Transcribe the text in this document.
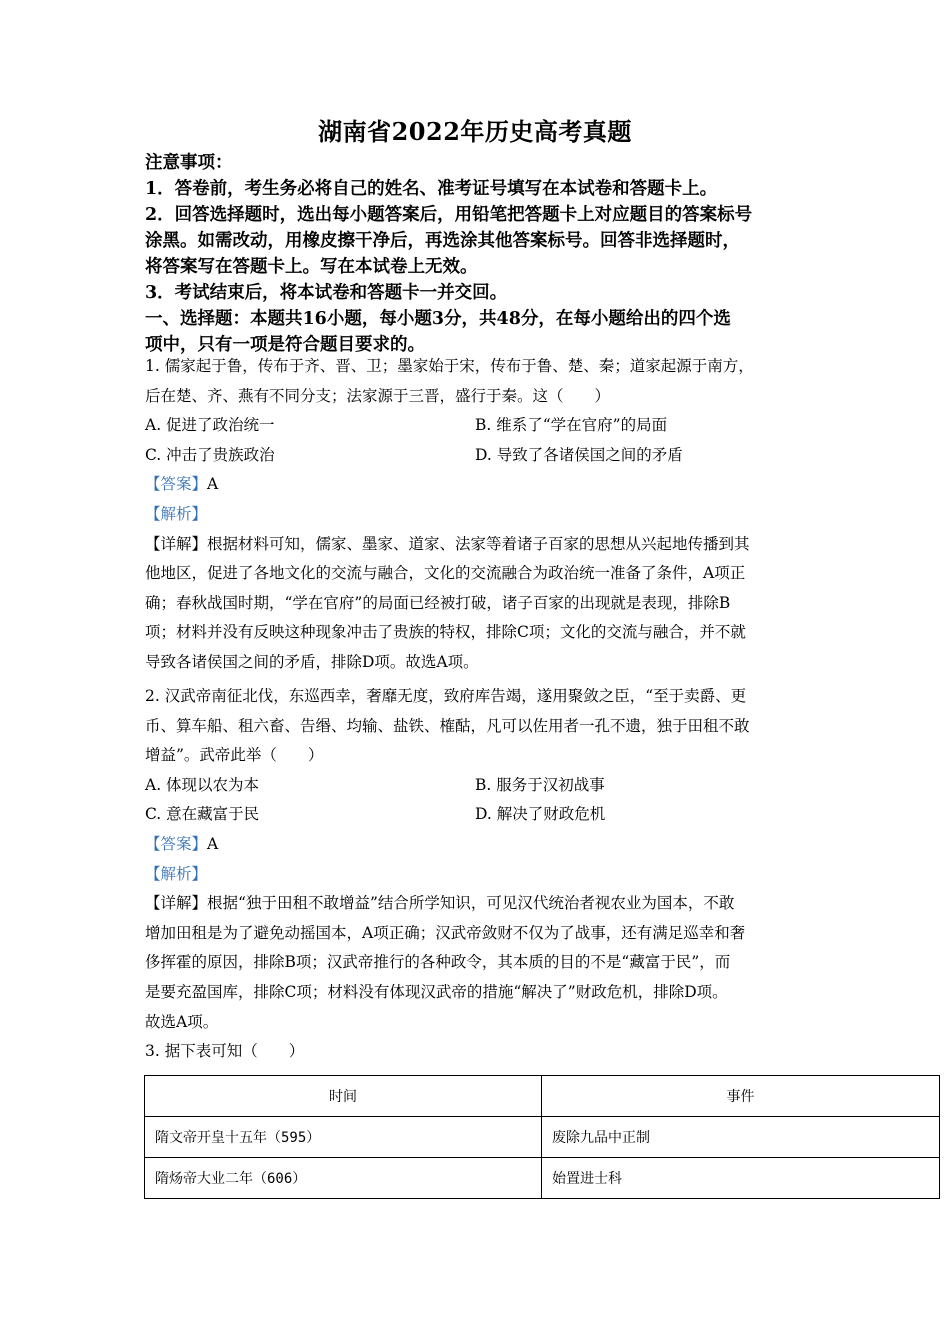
湖南省2022年历史高考真题

注意事项：

1．答卷前，考生务必将自己的姓名、准考证号填写在本试卷和答题卡上。

2．回答选择题时，选出每小题答案后，用铅笔把答题卡上对应题目的答案标号

涂黑。如需改动，用橡皮擦干净后，再选涂其他答案标号。回答非选择题时，

将答案写在答题卡上。写在本试卷上无效。

3．考试结束后，将本试卷和答题卡一并交回。

一、选择题：本题共16小题，每小题3分，共48分，在每小题给出的四个选

项中，只有一项是符合题目要求的。

1. 儒家起于鲁，传布于齐、晋、卫；墨家始于宋，传布于鲁、楚、秦；道家起源于南方，

后在楚、齐、燕有不同分支；法家源于三晋，盛行于秦。这（　　）

A. 促进了政治统一	B. 维系了“学在官府”的局面
C. 冲击了贵族政治	D. 导致了各诸侯国之间的矛盾

【答案】A

【解析】

【详解】根据材料可知，儒家、墨家、道家、法家等着诸子百家的思想从兴起地传播到其

他地区，促进了各地文化的交流与融合，文化的交流融合为政治统一准备了条件，A项正

确；春秋战国时期，“学在官府”的局面已经被打破，诸子百家的出现就是表现，排除B

项；材料并没有反映这种现象冲击了贵族的特权，排除C项；文化的交流与融合，并不就

导致各诸侯国之间的矛盾，排除D项。故选A项。

2. 汉武帝南征北伐，东巡西幸，奢靡无度，致府库告竭，遂用聚敛之臣，“至于卖爵、更

币、算车船、租六畜、告缗、均输、盐铁、榷酤，凡可以佐用者一孔不遗，独于田租不敢

增益”。武帝此举（　　）

A. 体现以农为本	B. 服务于汉初战事
C. 意在藏富于民	D. 解决了财政危机

【答案】A

【解析】

【详解】根据“独于田租不敢增益”结合所学知识，可见汉代统治者视农业为国本，不敢

增加田租是为了避免动摇国本，A项正确；汉武帝敛财不仅为了战事，还有满足巡幸和奢

侈挥霍的原因，排除B项；汉武帝推行的各种政令，其本质的目的不是“藏富于民”，而

是要充盈国库，排除C项；材料没有体现汉武帝的措施“解决了”财政危机，排除D项。

故选A项。

3. 据下表可知（　　）

时间	事件
隋文帝开皇十五年（595）	废除九品中正制
隋炀帝大业二年（606）	始置进士科
